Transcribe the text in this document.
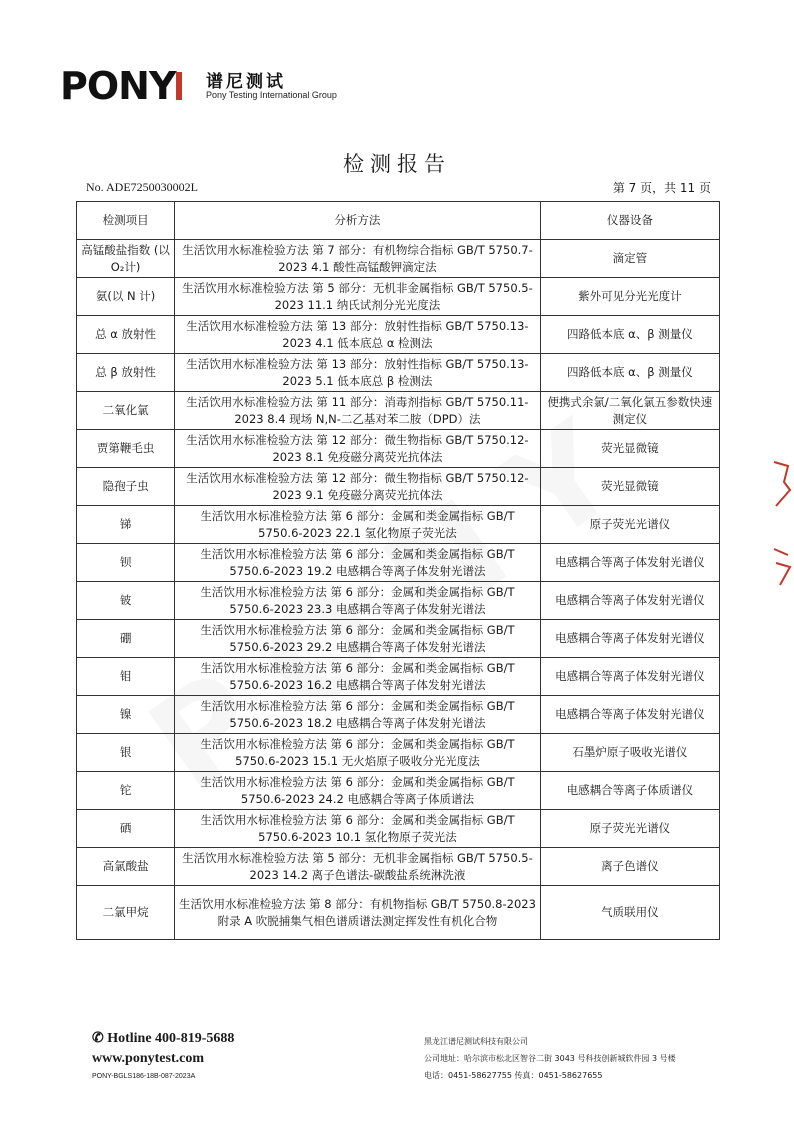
PONY 谱尼测试
Pony Testing International Group
检测报告
No. ADE7250030002L	第 7 页，共 11 页
检测项目	分析方法	仪器设备
高锰酸盐指数 (以 O₂计)	生活饮用水标准检验方法 第 7 部分：有机物综合指标 GB/T 5750.7-2023 4.1 酸性高锰酸钾滴定法	滴定管
氨(以 N 计)	生活饮用水标准检验方法 第 5 部分：无机非金属指标 GB/T 5750.5-2023 11.1 纳氏试剂分光光度法	紫外可见分光光度计
总 α 放射性	生活饮用水标准检验方法 第 13 部分：放射性指标 GB/T 5750.13-2023 4.1 低本底总 α 检测法	四路低本底 α、β 测量仪
总 β 放射性	生活饮用水标准检验方法 第 13 部分：放射性指标 GB/T 5750.13-2023 5.1 低本底总 β 检测法	四路低本底 α、β 测量仪
二氧化氯	生活饮用水标准检验方法 第 11 部分：消毒剂指标 GB/T 5750.11-2023 8.4 现场 N,N-二乙基对苯二胺（DPD）法	便携式余氯/二氧化氯五参数快速测定仪
贾第鞭毛虫	生活饮用水标准检验方法 第 12 部分：微生物指标 GB/T 5750.12-2023 8.1 免疫磁分离荧光抗体法	荧光显微镜
隐孢子虫	生活饮用水标准检验方法 第 12 部分：微生物指标 GB/T 5750.12-2023 9.1 免疫磁分离荧光抗体法	荧光显微镜
锑	生活饮用水标准检验方法 第 6 部分：金属和类金属指标 GB/T 5750.6-2023 22.1 氢化物原子荧光法	原子荧光光谱仪
钡	生活饮用水标准检验方法 第 6 部分：金属和类金属指标 GB/T 5750.6-2023 19.2 电感耦合等离子体发射光谱法	电感耦合等离子体发射光谱仪
铍	生活饮用水标准检验方法 第 6 部分：金属和类金属指标 GB/T 5750.6-2023 23.3 电感耦合等离子体发射光谱法	电感耦合等离子体发射光谱仪
硼	生活饮用水标准检验方法 第 6 部分：金属和类金属指标 GB/T 5750.6-2023 29.2 电感耦合等离子体发射光谱法	电感耦合等离子体发射光谱仪
钼	生活饮用水标准检验方法 第 6 部分：金属和类金属指标 GB/T 5750.6-2023 16.2 电感耦合等离子体发射光谱法	电感耦合等离子体发射光谱仪
镍	生活饮用水标准检验方法 第 6 部分：金属和类金属指标 GB/T 5750.6-2023 18.2 电感耦合等离子体发射光谱法	电感耦合等离子体发射光谱仪
银	生活饮用水标准检验方法 第 6 部分：金属和类金属指标 GB/T 5750.6-2023 15.1 无火焰原子吸收分光光度法	石墨炉原子吸收光谱仪
铊	生活饮用水标准检验方法 第 6 部分：金属和类金属指标 GB/T 5750.6-2023 24.2 电感耦合等离子体质谱法	电感耦合等离子体质谱仪
硒	生活饮用水标准检验方法 第 6 部分：金属和类金属指标 GB/T 5750.6-2023 10.1 氢化物原子荧光法	原子荧光光谱仪
高氯酸盐	生活饮用水标准检验方法 第 5 部分：无机非金属指标 GB/T 5750.5-2023 14.2 离子色谱法-碳酸盐系统淋洗液	离子色谱仪
二氯甲烷	生活饮用水标准检验方法 第 8 部分：有机物指标 GB/T 5750.8-2023 附录 A 吹脱捕集气相色谱质谱法测定挥发性有机化合物	气质联用仪
✆ Hotline 400-819-5688
www.ponytest.com
PONY-BGLS186-18B-087-2023A
黑龙江谱尼测试科技有限公司
公司地址：哈尔滨市松北区智谷二街 3043 号科技创新城软件园 3 号楼
电话：0451-58627755 传真：0451-58627655
